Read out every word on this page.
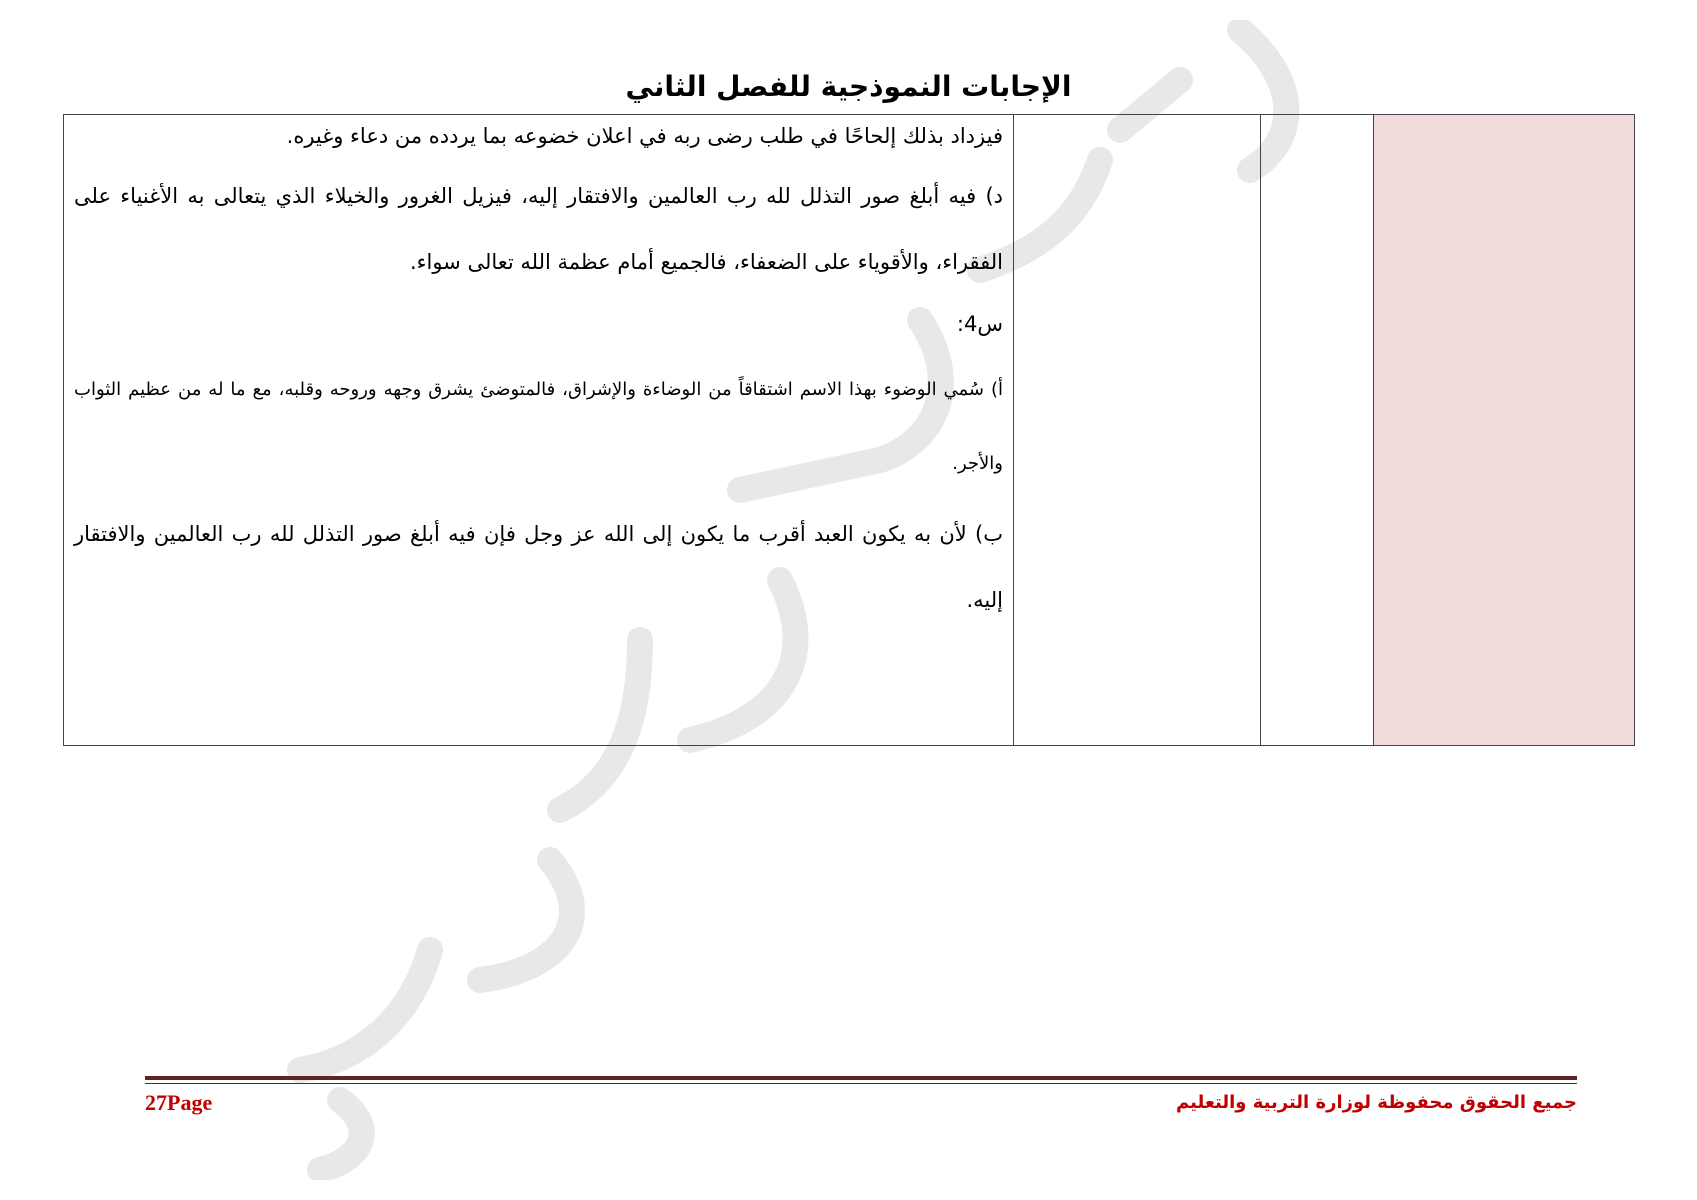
المناهج الدراسية - الكتب المدرسية
الإجابات النموذجية للفصل الثاني

فيزداد بذلك إلحاحًا في طلب رضى ربه في اعلان خضوعه بما يردده من دعاء وغيره.

د) فيه أبلغ صور التذلل لله رب العالمين والافتقار إليه، فيزيل الغرور والخيلاء الذي يتعالى به الأغنياء على الفقراء، والأقوياء على الضعفاء، فالجميع أمام عظمة الله تعالى سواء.

س4:

أ) سُمي الوضوء بهذا الاسم اشتقاقاً من الوضاءة والإشراق، فالمتوضئ يشرق وجهه وروحه وقلبه، مع ما له من عظيم الثواب والأجر.

ب) لأن به يكون العبد أقرب ما يكون إلى الله عز وجل فإن فيه أبلغ صور التذلل لله رب العالمين والافتقار إليه.

جميع الحقوق محفوظة لوزارة التربية والتعليم
27Page
